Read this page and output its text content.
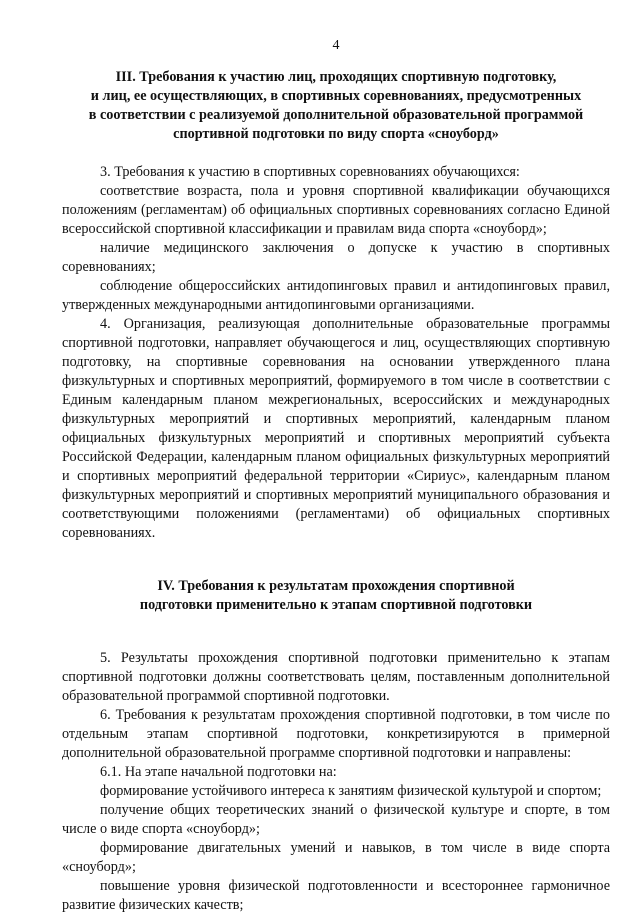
4
III. Требования к участию лиц, проходящих спортивную подготовку,
и лиц, ее осуществляющих, в спортивных соревнованиях, предусмотренных
в соответствии с реализуемой дополнительной образовательной программой
спортивной подготовки по виду спорта «сноуборд»

3. Требования к участию в спортивных соревнованиях обучающихся:

соответствие возраста, пола и уровня спортивной квалификации обучающихся положениям (регламентам) об официальных спортивных соревнованиях согласно Единой всероссийской спортивной классификации и правилам вида спорта «сноуборд»;

наличие медицинского заключения о допуске к участию в спортивных соревнованиях;

соблюдение общероссийских антидопинговых правил и антидопинговых правил, утвержденных международными антидопинговыми организациями.

4. Организация, реализующая дополнительные образовательные программы спортивной подготовки, направляет обучающегося и лиц, осуществляющих спортивную подготовку, на спортивные соревнования на основании утвержденного плана физкультурных и спортивных мероприятий, формируемого в том числе в соответствии с Единым календарным планом межрегиональных, всероссийских и международных физкультурных мероприятий и спортивных мероприятий, календарным планом официальных физкультурных мероприятий и спортивных мероприятий субъекта Российской Федерации, календарным планом официальных физкультурных мероприятий и спортивных мероприятий федеральной территории «Сириус», календарным планом физкультурных мероприятий и спортивных мероприятий муниципального образования и соответствующими положениями (регламентами) об официальных спортивных соревнованиях.

IV. Требования к результатам прохождения спортивной
подготовки применительно к этапам спортивной подготовки

5. Результаты прохождения спортивной подготовки применительно к этапам спортивной подготовки должны соответствовать целям, поставленным дополнительной образовательной программой спортивной подготовки.

6. Требования к результатам прохождения спортивной подготовки, в том числе по отдельным этапам спортивной подготовки, конкретизируются в примерной дополнительной образовательной программе спортивной подготовки и направлены:

6.1. На этапе начальной подготовки на:

формирование устойчивого интереса к занятиям физической культурой и спортом;

получение общих теоретических знаний о физической культуре и спорте, в том числе о виде спорта «сноуборд»;

формирование двигательных умений и навыков, в том числе в виде спорта «сноуборд»;

повышение уровня физической подготовленности и всестороннее гармоничное развитие физических качеств;
